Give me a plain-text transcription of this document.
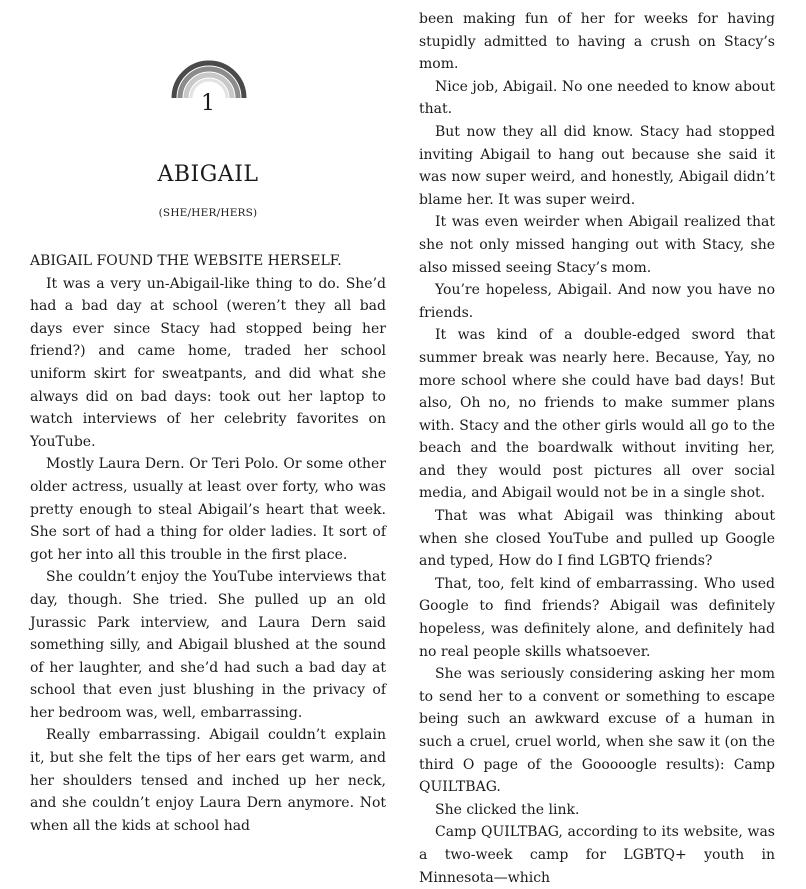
1
ABIGAIL
(SHE/HER/HERS)

ABIGAIL FOUND THE WEBSITE HERSELF.

It was a very un-Abigail-like thing to do. She’d had a bad day at school (weren’t they all bad days ever since Stacy had stopped being her friend?) and came home, traded her school uniform skirt for sweatpants, and did what she always did on bad days: took out her laptop to watch interviews of her celebrity favorites on YouTube.

Mostly Laura Dern. Or Teri Polo. Or some other older actress, usually at least over forty, who was pretty enough to steal Abigail’s heart that week. She sort of had a thing for older ladies. It sort of got her into all this trouble in the first place.

She couldn’t enjoy the YouTube interviews that day, though. She tried. She pulled up an old Jurassic Park interview, and Laura Dern said something silly, and Abigail blushed at the sound of her laughter, and she’d had such a bad day at school that even just blushing in the privacy of her bedroom was, well, embarrassing.

Really embarrassing. Abigail couldn’t explain it, but she felt the tips of her ears get warm, and her shoulders tensed and inched up her neck, and she couldn’t enjoy Laura Dern anymore. Not when all the kids at school had

been making fun of her for weeks for having stupidly admitted to having a crush on Stacy’s mom.

Nice job, Abigail. No one needed to know about that.

But now they all did know. Stacy had stopped inviting Abigail to hang out because she said it was now super weird, and honestly, Abigail didn’t blame her. It was super weird.

It was even weirder when Abigail realized that she not only missed hanging out with Stacy, she also missed seeing Stacy’s mom.

You’re hopeless, Abigail. And now you have no friends.

It was kind of a double-edged sword that summer break was nearly here. Because, Yay, no more school where she could have bad days! But also, Oh no, no friends to make summer plans with. Stacy and the other girls would all go to the beach and the boardwalk without inviting her, and they would post pictures all over social media, and Abigail would not be in a single shot.

That was what Abigail was thinking about when she closed YouTube and pulled up Google and typed, How do I find LGBTQ friends?

That, too, felt kind of embarrassing. Who used Google to find friends? Abigail was definitely hopeless, was definitely alone, and definitely had no real people skills whatsoever.

She was seriously considering asking her mom to send her to a convent or something to escape being such an awkward excuse of a human in such a cruel, cruel world, when she saw it (on the third O page of the Gooooogle results): Camp QUILTBAG.

She clicked the link.

Camp QUILTBAG, according to its website, was a two-week camp for LGBTQ+ youth in Minnesota—which
